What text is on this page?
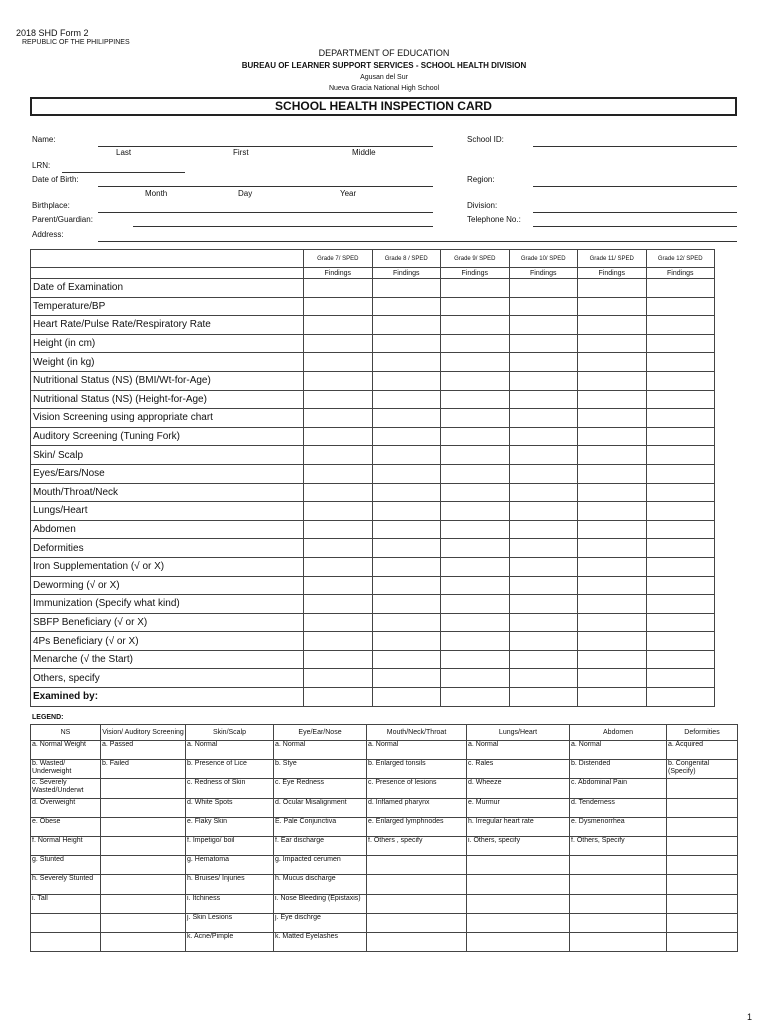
2018 SHD Form 2
REPUBLIC OF THE PHILIPPINES
DEPARTMENT OF EDUCATION
BUREAU OF LEARNER SUPPORT SERVICES - SCHOOL HEALTH DIVISION
Agusan del Sur
Nueva Gracia National High School
SCHOOL HEALTH INSPECTION CARD
Name:
Last	First	Middle
LRN:
Date of Birth:
Month	Day	Year
Birthplace:
Parent/Guardian:
Address:
School ID:
Region:
Division:
Telephone No.:
	Grade 7/ SPED	Grade 8 / SPED	Grade 9/ SPED	Grade 10/ SPED	Grade 11/ SPED	Grade 12/ SPED
	Findings	Findings	Findings	Findings	Findings	Findings
Date of Examination						
Temperature/BP						
Heart Rate/Pulse Rate/Respiratory Rate						
Height (in cm)						
Weight (in kg)						
Nutritional Status (NS) (BMI/Wt-for-Age)						
Nutritional Status (NS) (Height-for-Age)						
Vision Screening using appropriate chart						
Auditory Screening (Tuning Fork)						
Skin/ Scalp						
Eyes/Ears/Nose						
Mouth/Throat/Neck						
Lungs/Heart						
Abdomen						
Deformities						
Iron Supplementation (√ or X)						
Deworming (√ or X)						
Immunization (Specify what kind)						
SBFP Beneficiary (√ or X)						
4Ps Beneficiary (√ or X)						
Menarche (√ the Start)						
Others, specify						
Examined by:						
LEGEND:
NS	Vision/ Auditory Screening	Skin/Scalp	Eye/Ear/Nose	Mouth/Neck/Throat	Lungs/Heart	Abdomen	Deformities
a. Normal Weight	a. Passed	a. Normal	a. Normal	a. Normal	a. Normal	a. Normal	a. Acquired
b. Wasted/ Underweight	b. Failed	b. Presence of Lice	b. Stye	b. Enlarged tonsils	c. Rales	b. Distended	b. Congenital (Specify)
c. Severely Wasted/Underwt		c. Redness of Skin	c. Eye Redness	c. Presence of lesions	d. Wheeze	c. Abdominal Pain	
d. Overweight		d. White Spots	d. Ocular Misalignment	d. Inflamed pharynx	e. Murmur	d. Tenderness	
e. Obese		e. Flaky Skin	E. Pale Conjunctiva	e. Enlarged lymphnodes	h. Irregular heart rate	e. Dysmenorrhea	
f. Normal Height		f. Impetigo/ boil	f. Ear discharge	f. Others , specify	i. Others, specify	f. Others, Specify	
g. Stunted		g. Hematoma	g. Impacted cerumen				
h. Severely Stunted		h. Bruises/ Injuries	h. Mucus discharge				
i. Tall		i. Itchiness	i. Nose Bleeding (Epistaxis)				
		j. Skin Lesions	j. Eye dischrge				
		k. Acne/Pimple	k. Matted Eyelashes				
1
